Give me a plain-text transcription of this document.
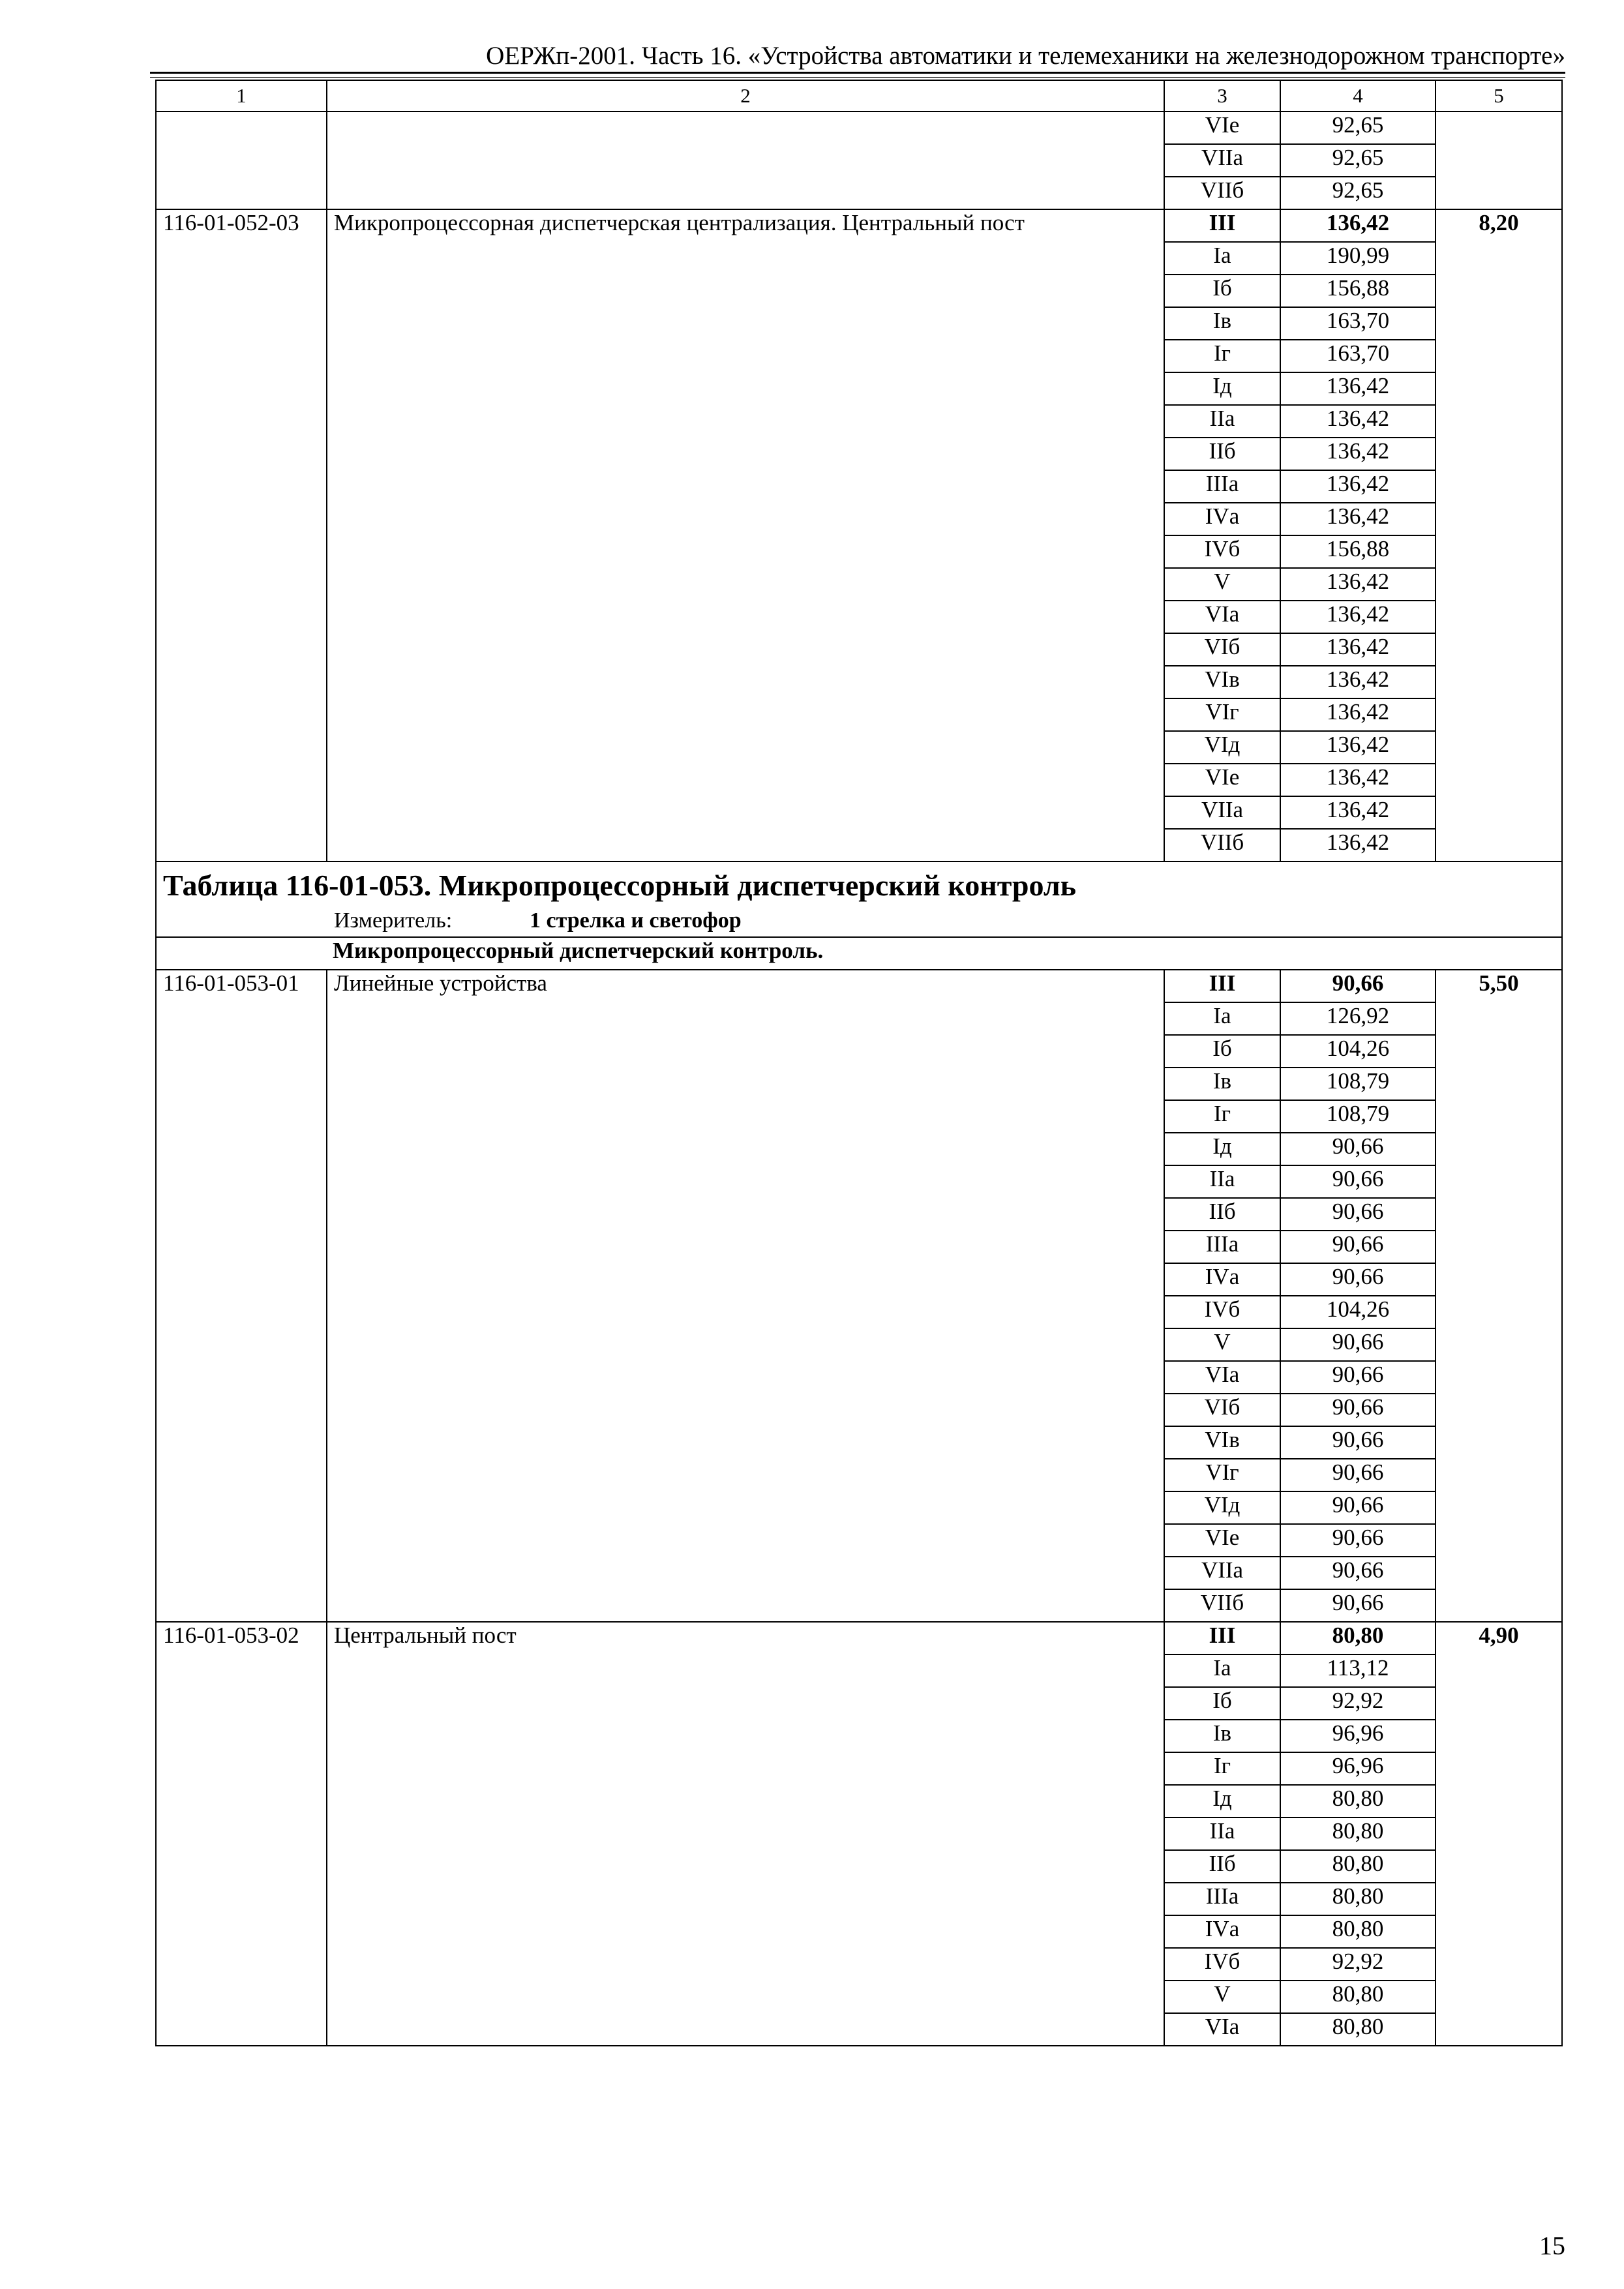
ОЕРЖп-2001. Часть 16. «Устройства автоматики и телемеханики на железнодорожном транспорте»
1	2	3	4	5
		VIе	92,65	
		VIIа	92,65	
		VIIб	92,65	
116-01-052-03	Микропроцессорная диспетчерская централизация. Центральный пост	III	136,42	8,20
		Iа	190,99	
		Iб	156,88	
		Iв	163,70	
		Iг	163,70	
		Iд	136,42	
		IIа	136,42	
		IIб	136,42	
		IIIа	136,42	
		IVа	136,42	
		IVб	156,88	
		V	136,42	
		VIа	136,42	
		VIб	136,42	
		VIв	136,42	
		VIг	136,42	
		VIд	136,42	
		VIе	136,42	
		VIIа	136,42	
		VIIб	136,42	

Таблица 116-01-053. Микропроцессорный диспетчерский контроль
Измеритель: 1 стрелка и светофор				

Микропроцессорный диспетчерский контроль.				
116-01-053-01	Линейные устройства	III	90,66	5,50
		Iа	126,92	
		Iб	104,26	
		Iв	108,79	
		Iг	108,79	
		Iд	90,66	
		IIа	90,66	
		IIб	90,66	
		IIIа	90,66	
		IVа	90,66	
		IVб	104,26	
		V	90,66	
		VIа	90,66	
		VIб	90,66	
		VIв	90,66	
		VIг	90,66	
		VIд	90,66	
		VIе	90,66	
		VIIа	90,66	
		VIIб	90,66	
116-01-053-02	Центральный пост	III	80,80	4,90
		Iа	113,12	
		Iб	92,92	
		Iв	96,96	
		Iг	96,96	
		Iд	80,80	
		IIа	80,80	
		IIб	80,80	
		IIIа	80,80	
		IVа	80,80	
		IVб	92,92	
		V	80,80	
		VIа	80,80	
15
